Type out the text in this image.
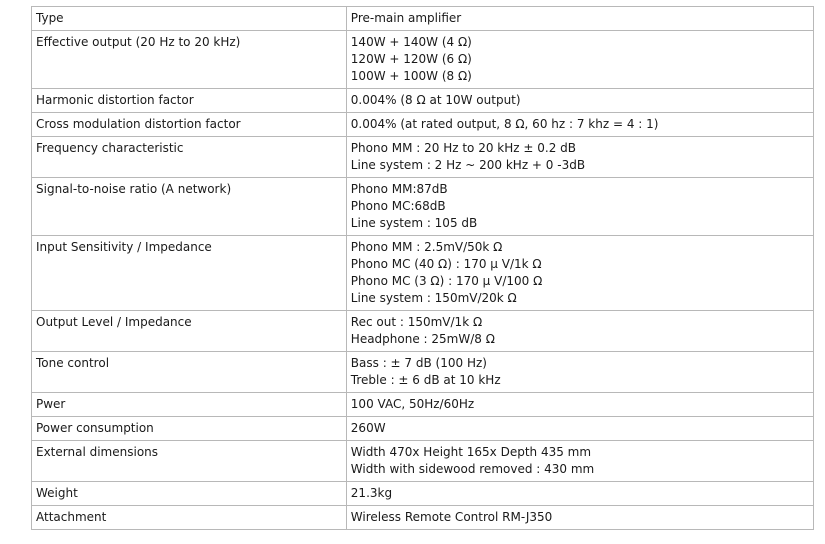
Type	Pre-main amplifier

Effective output (20 Hz to 20 kHz)	140W + 140W (4 Ω)
120W + 120W (6 Ω)
100W + 100W (8 Ω)

Harmonic distortion factor	0.004% (8 Ω at 10W output)

Cross modulation distortion factor	0.004% (at rated output, 8 Ω, 60 hz : 7 khz = 4 : 1)

Frequency characteristic	Phono MM : 20 Hz to 20 kHz ± 0.2 dB
Line system : 2 Hz ~ 200 kHz + 0 -3dB

Signal-to-noise ratio (A network)	Phono MM:87dB
Phono MC:68dB
Line system : 105 dB

Input Sensitivity / Impedance	Phono MM : 2.5mV/50k Ω
Phono MC (40 Ω) : 170 μ V/1k Ω
Phono MC (3 Ω) : 170 μ V/100 Ω
Line system : 150mV/20k Ω

Output Level / Impedance	Rec out : 150mV/1k Ω
Headphone : 25mW/8 Ω

Tone control	Bass : ± 7 dB (100 Hz)
Treble : ± 6 dB at 10 kHz

Pwer	100 VAC, 50Hz/60Hz

Power consumption	260W

External dimensions	Width 470x Height 165x Depth 435 mm
Width with sidewood removed : 430 mm

Weight	21.3kg

Attachment	Wireless Remote Control RM-J350
